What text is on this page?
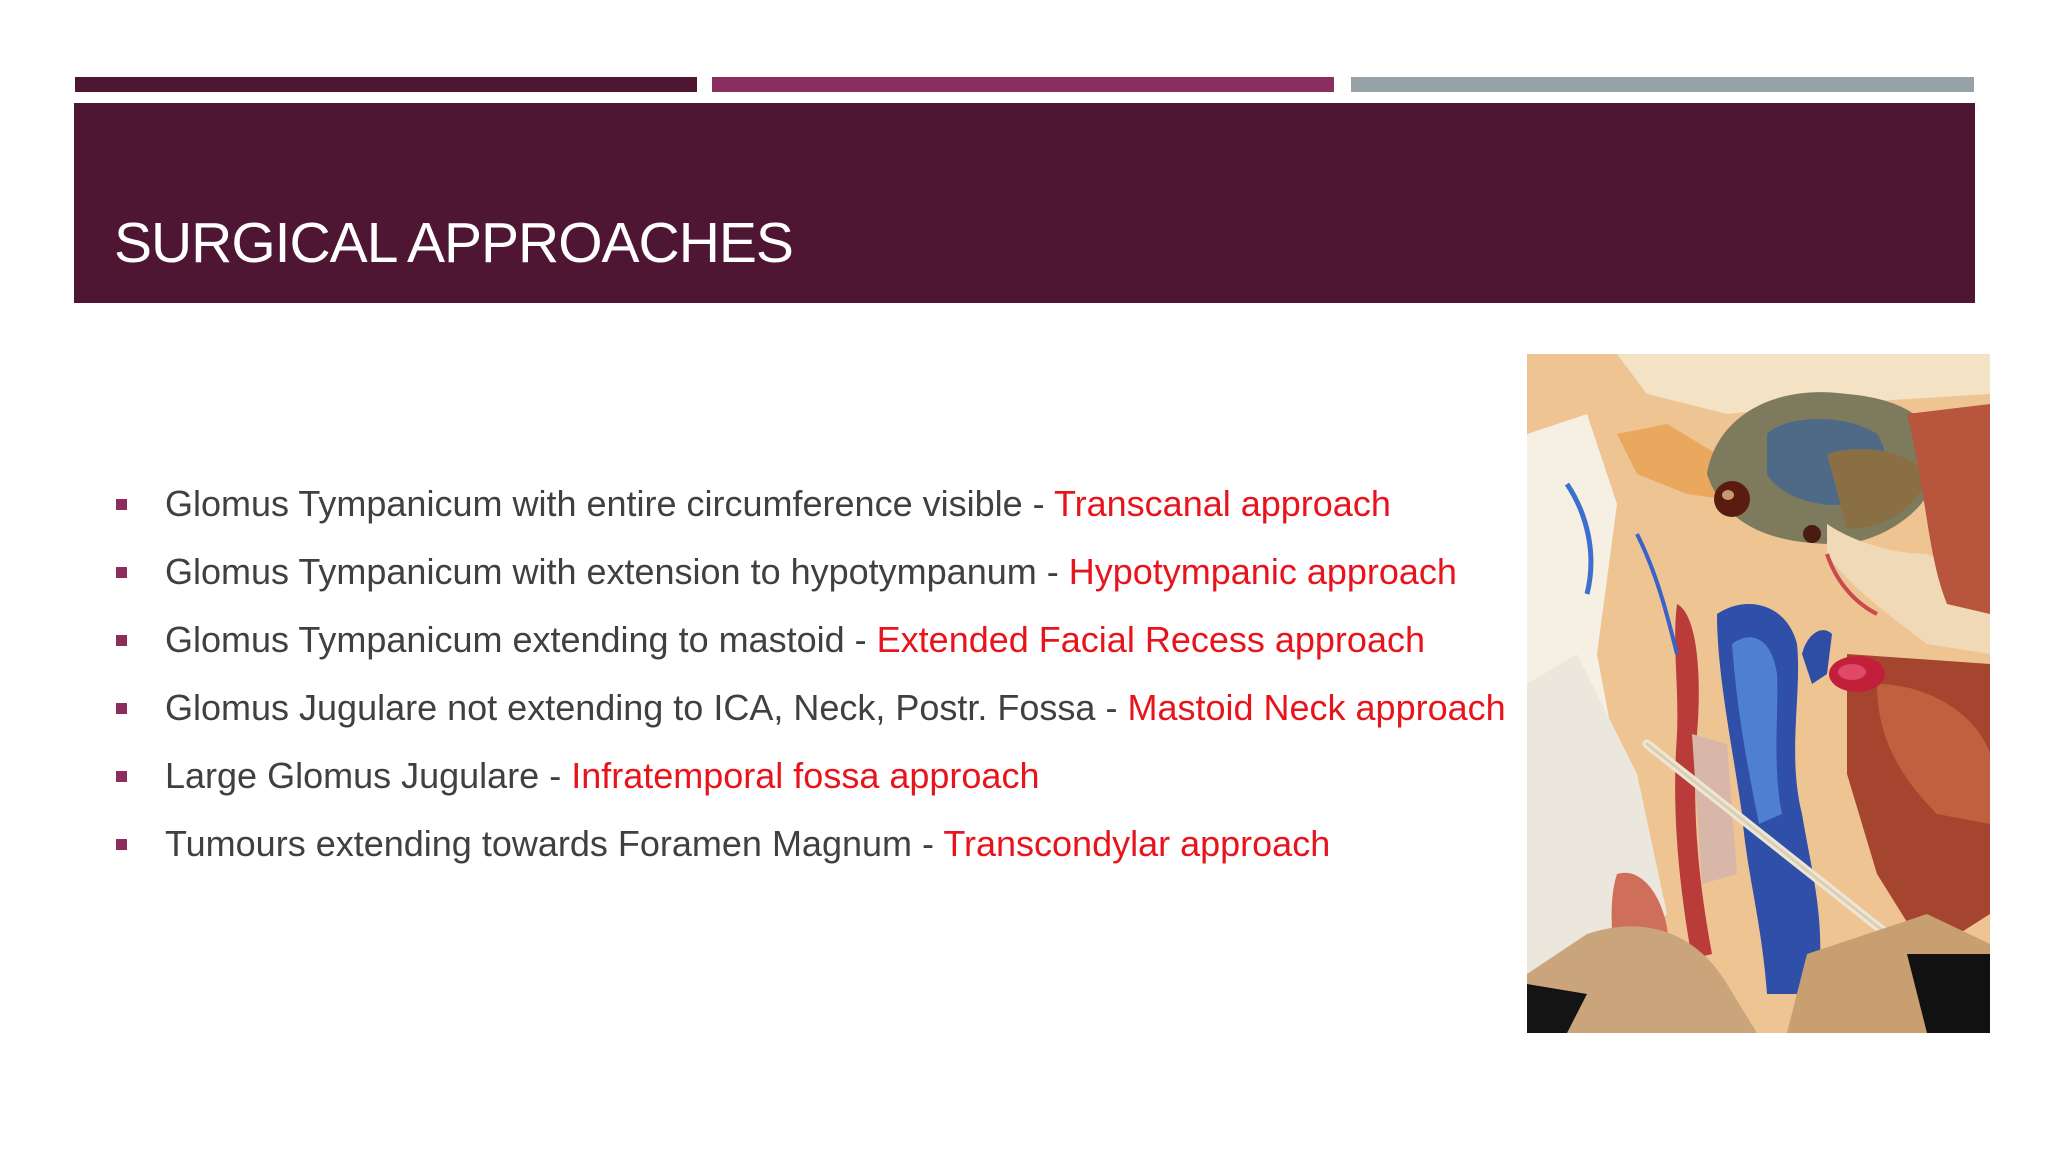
SURGICAL APPROACHES
Glomus Tympanicum with entire circumference visible - Transcanal approach
Glomus Tympanicum with extension to hypotympanum - Hypotympanic approach
Glomus Tympanicum extending to mastoid - Extended Facial Recess approach
Glomus Jugulare not extending to ICA, Neck, Postr. Fossa - Mastoid Neck approach
Large Glomus Jugulare - Infratemporal fossa approach
Tumours extending towards Foramen Magnum - Transcondylar approach
